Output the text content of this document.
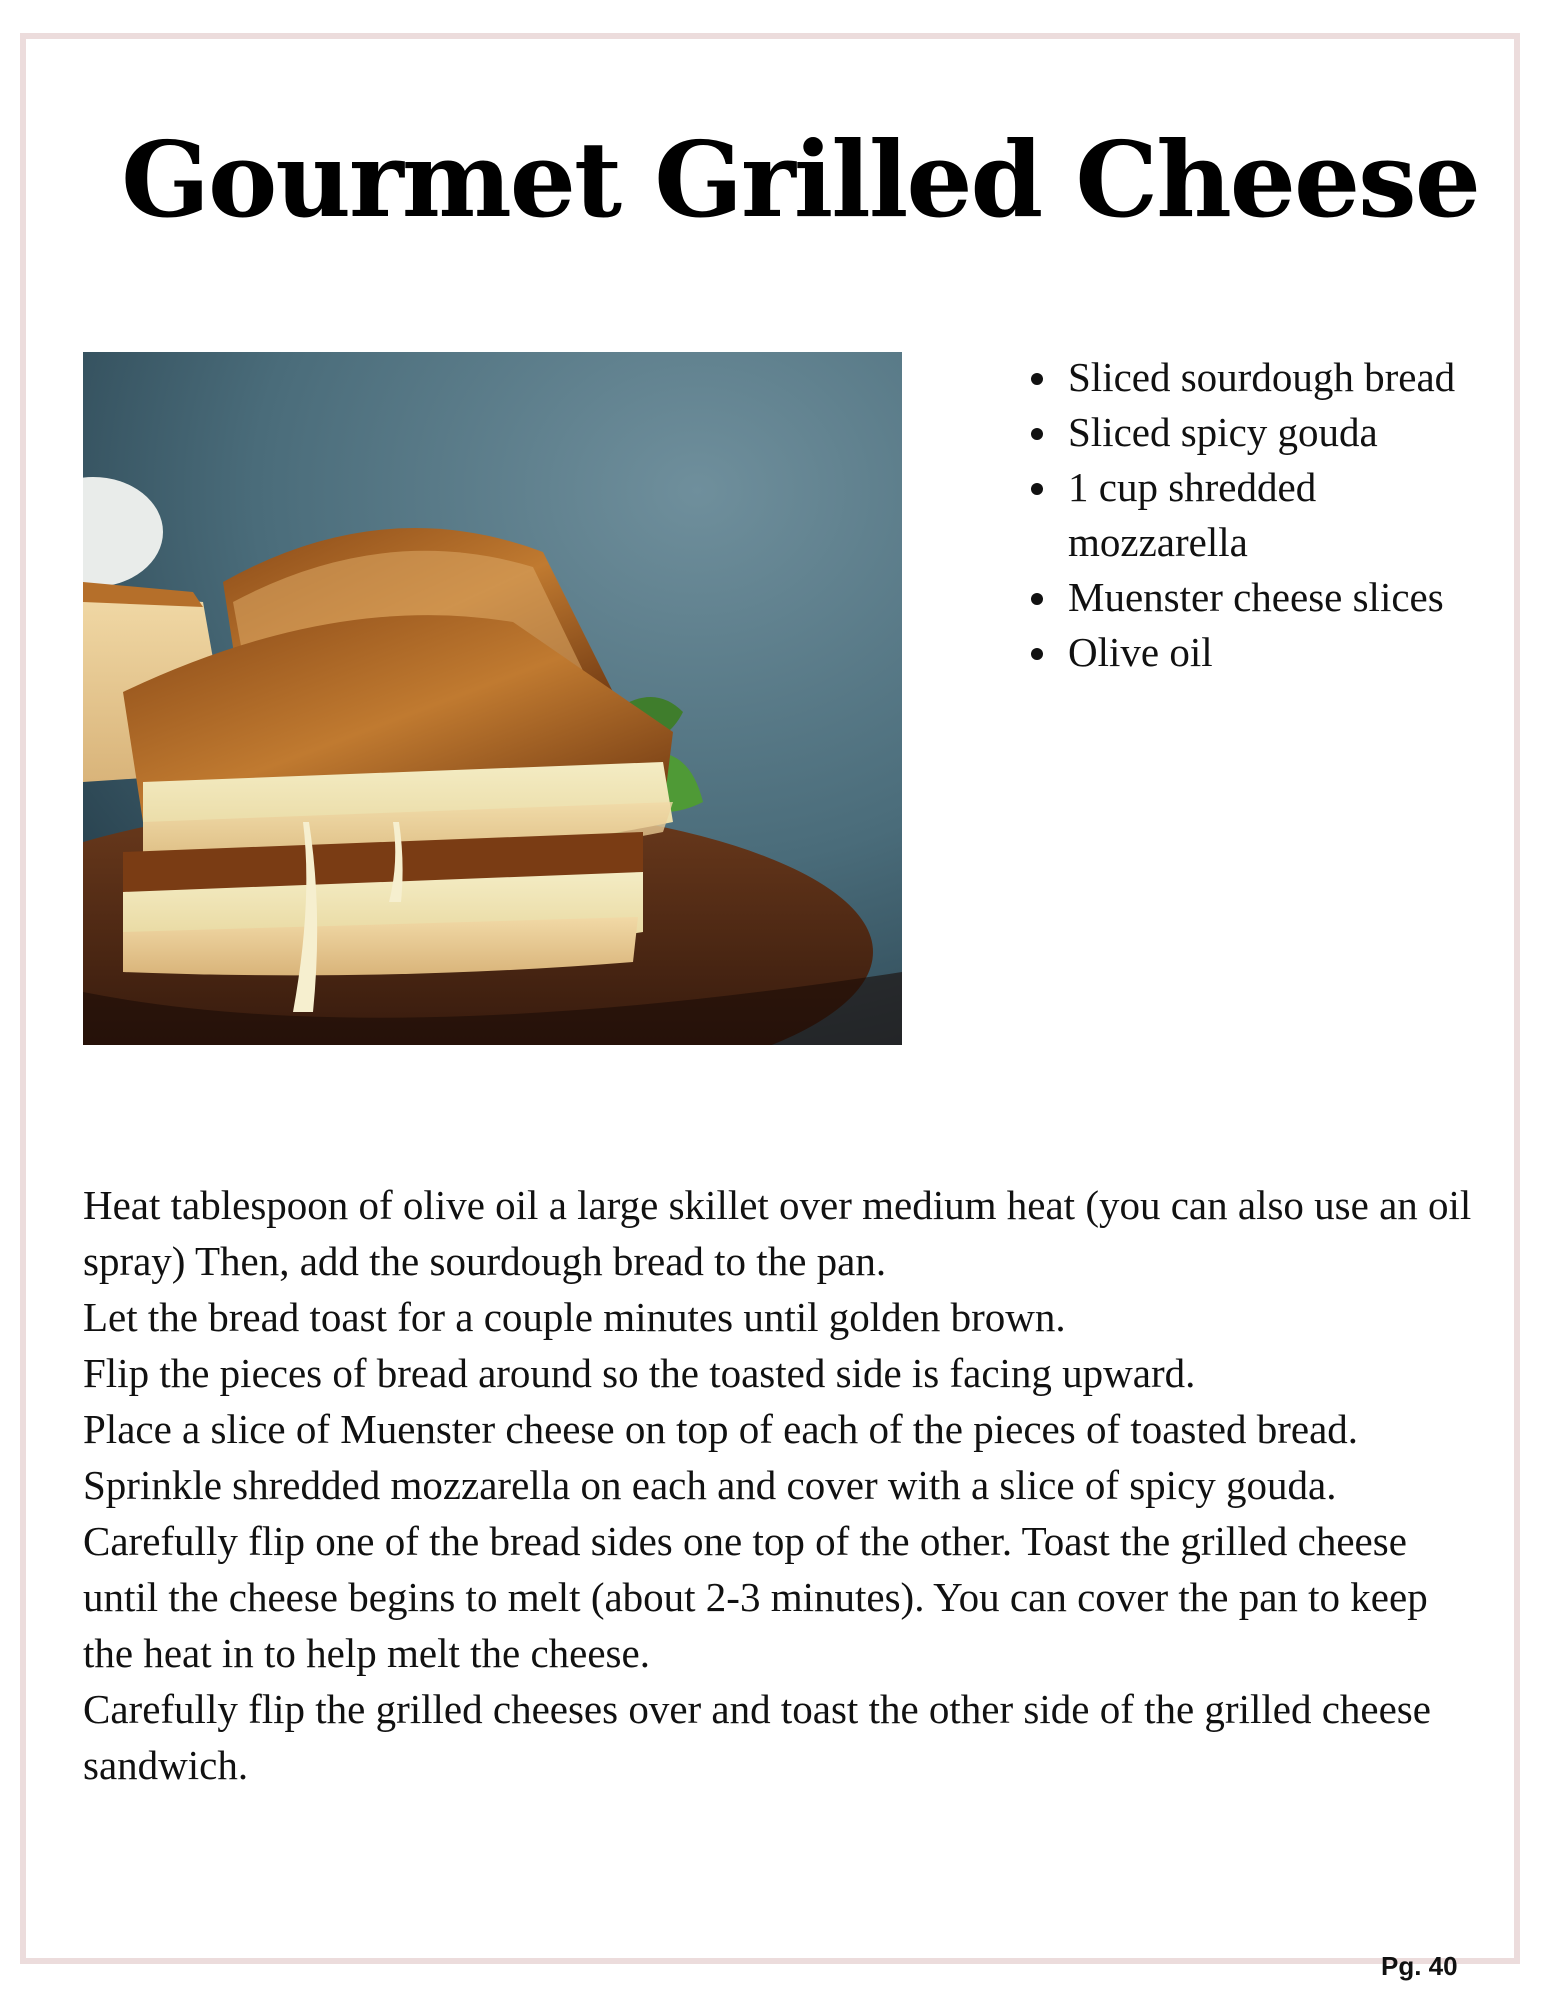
Gourmet Grilled Cheese
• Sliced sourdough bread
• Sliced spicy gouda
• 1 cup shredded mozzarella
• Muenster cheese slices
• Olive oil

Heat tablespoon of olive oil a large skillet over medium heat (you can also use an oil spray) Then, add the sourdough bread to the pan.

Let the bread toast for a couple minutes until golden brown.

Flip the pieces of bread around so the toasted side is facing upward.

Place a slice of Muenster cheese on top of each of the pieces of toasted bread. Sprinkle shredded mozzarella on each and cover with a slice of spicy gouda.

Carefully flip one of the bread sides one top of the other. Toast the grilled cheese until the cheese begins to melt (about 2-3 minutes). You can cover the pan to keep the heat in to help melt the cheese.

Carefully flip the grilled cheeses over and toast the other side of the grilled cheese sandwich.

Pg. 40
